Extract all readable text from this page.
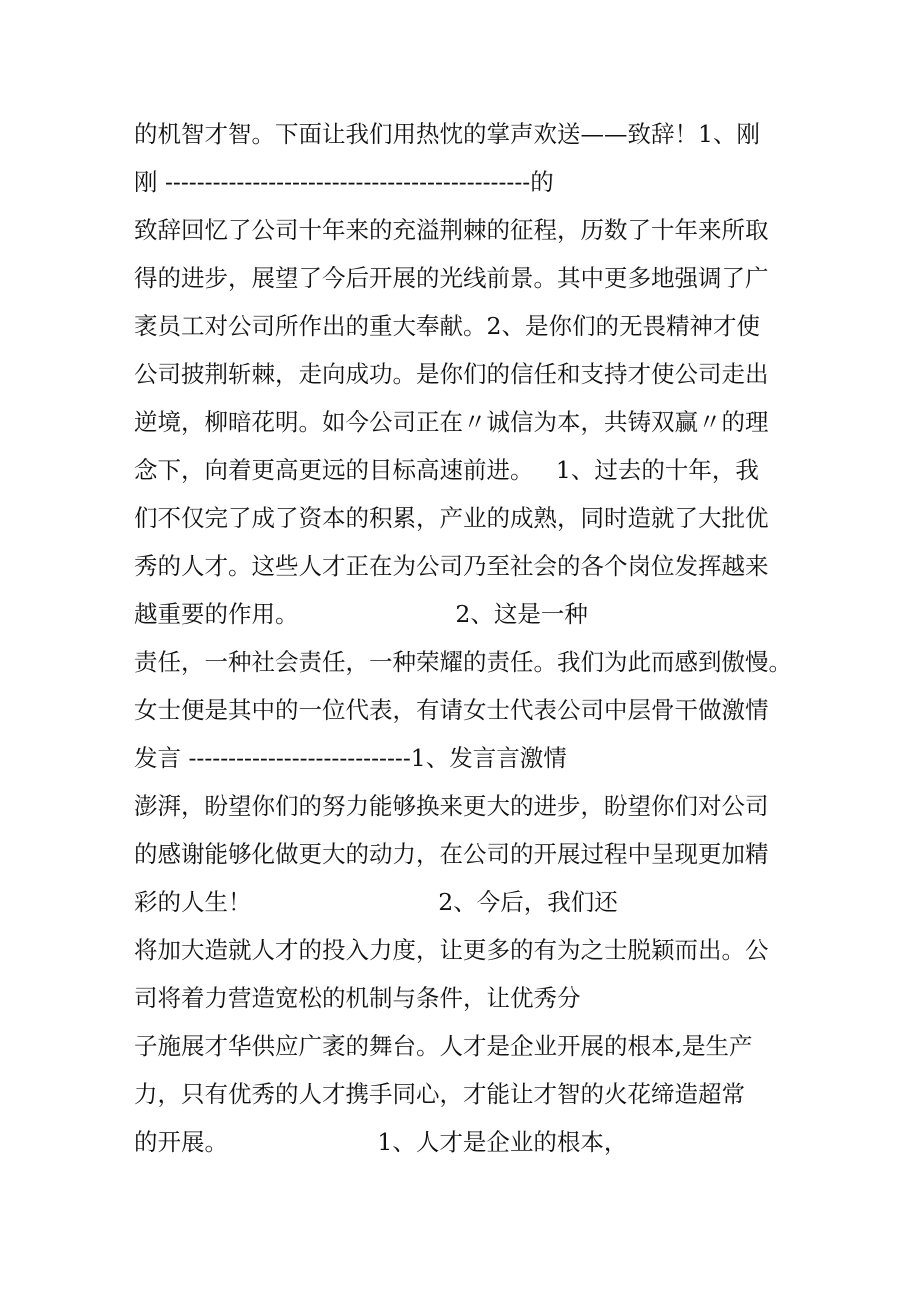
的机智才智。下面让我们用热忱的掌声欢送——致辞！1、刚
刚 ----------------------------------------------的
致辞回忆了公司十年来的充溢荆棘的征程，历数了十年来所取
得的进步，展望了今后开展的光线前景。其中更多地强调了广
袤员工对公司所作出的重大奉献。2、是你们的无畏精神才使
公司披荆斩棘，走向成功。是你们的信任和支持才使公司走出
逆境，柳暗花明。如今公司正在〃诚信为本，共铸双赢〃的理
念下，向着更高更远的目标高速前进。   1、过去的十年，我
们不仅完了成了资本的积累，产业的成熟，同时造就了大批优
秀的人才。这些人才正在为公司乃至社会的各个岗位发挥越来
越重要的作用。                     2、这是一种
责任，一种社会责任，一种荣耀的责任。我们为此而感到傲慢。
女士便是其中的一位代表，有请女士代表公司中层骨干做激情
发言 ----------------------------1、发言言激情
澎湃，盼望你们的努力能够换来更大的进步，盼望你们对公司
的感谢能够化做更大的动力，在公司的开展过程中呈现更加精
彩的人生！                         2、今后，我们还
将加大造就人才的投入力度，让更多的有为之士脱颖而出。公
司将着力营造宽松的机制与条件，让优秀分
子施展才华供应广袤的舞台。人才是企业开展的根本,是生产
力，只有优秀的人才携手同心，才能让才智的火花缔造超常
的开展。                    1、人才是企业的根本，
